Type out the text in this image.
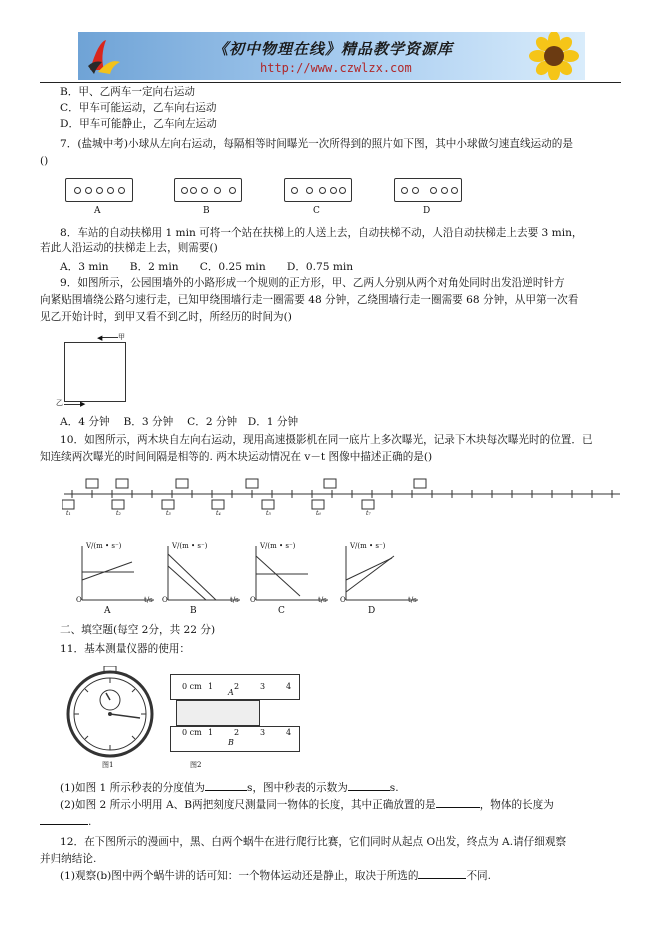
《初中物理在线》精品教学资源库
http://www.czwlzx.com
B．甲、乙两车一定向右运动
C．甲车可能运动，乙车向右运动
D．甲车可能静止，乙车向左运动
7．(盐城中考)小球从左向右运动，每隔相等时间曝光一次所得到的照片如下图，其中小球做匀速直线运动的是
()
A	B	C	D
8．车站的自动扶梯用 1 min 可将一个站在扶梯上的人送上去，自动扶梯不动，人沿自动扶梯走上去要 3 min，
若此人沿运动的扶梯走上去，则需要()
A．3 min　　B．2 min　　C．0.25 min　　D．0.75 min
9．如图所示，公园围墙外的小路形成一个规则的正方形，甲、乙两人分别从两个对角处同时出发沿逆时针方
向紧贴围墙绕公路匀速行走，已知甲绕围墙行走一圈需要 48 分钟，乙绕围墙行走一圈需要 68 分钟，从甲第一次看
见乙开始计时，到甲又看不到乙时，所经历的时间为()
◀ 甲
▶
乙
A．4 分钟　 B．3 分钟　 C．2 分钟　D．1 分钟
10．如图所示，两木块自左向右运动，现用高速摄影机在同一底片上多次曝光，记录下木块每次曝光时的位置．已
知连续两次曝光的时间间隔是相等的. 两木块运动情况在 v－t 图像中描述正确的是()
t₁	t₂	t₃	t₄	t₅	t₆	t₇
V/(m • s⁻)
O	t/s
A
V/(m • s⁻)
O	t/s
B
V/(m • s⁻)
O	t/s
C
V/(m • s⁻)
O	t/s
D
二、填空题(每空 2分，共 22 分)
11．基本测量仪器的使用：
图1
0 cm 1	2	3	4
A
0 cm 1	2	3	4
B
图2
(1)如图 1 所示秒表的分度值为	s，图中秒表的示数为	s.
(2)如图 2 所示小明用 A、B两把刻度尺测量同一物体的长度，其中正确放置的是	，物体的长度为
.
12．在下图所示的漫画中，黑、白两个蜗牛在进行爬行比赛，它们同时从起点 O出发，终点为 A.请仔细观察
并归纳结论.
(1)观察(b)图中两个蜗牛讲的话可知：一个物体运动还是静止，取决于所选的	不同.
